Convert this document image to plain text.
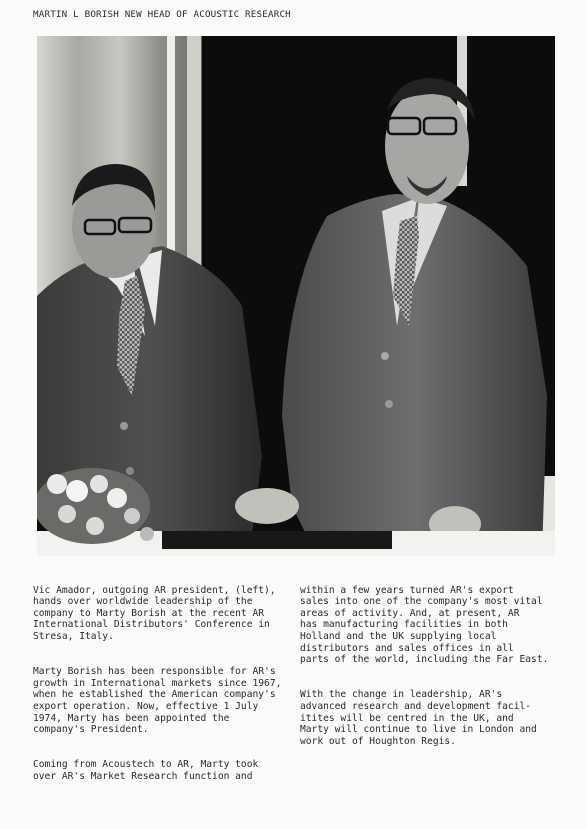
MARTIN L BORISH NEW HEAD OF ACOUSTIC RESEARCH

Vic Amador, outgoing AR president, (left),
hands over worldwide leadership of the
company to Marty Borish at the recent AR
International Distributors' Conference in
Stresa, Italy.

Marty Borish has been responsible for AR's
growth in International markets since 1967,
when he established the American company's
export operation. Now, effective 1 July
1974, Marty has been appointed the
company's President.

Coming from Acoustech to AR, Marty took
over AR's Market Research function and

within a few years turned AR's export
sales into one of the company's most vital
areas of activity. And, at present, AR
has manufacturing facilities in both
Holland and the UK supplying local
distributors and sales offices in all
parts of the world, including the Far East.

With the change in leadership, AR's
advanced research and development facil-
itites will be centred in the UK, and
Marty will continue to live in London and
work out of Houghton Regis.
